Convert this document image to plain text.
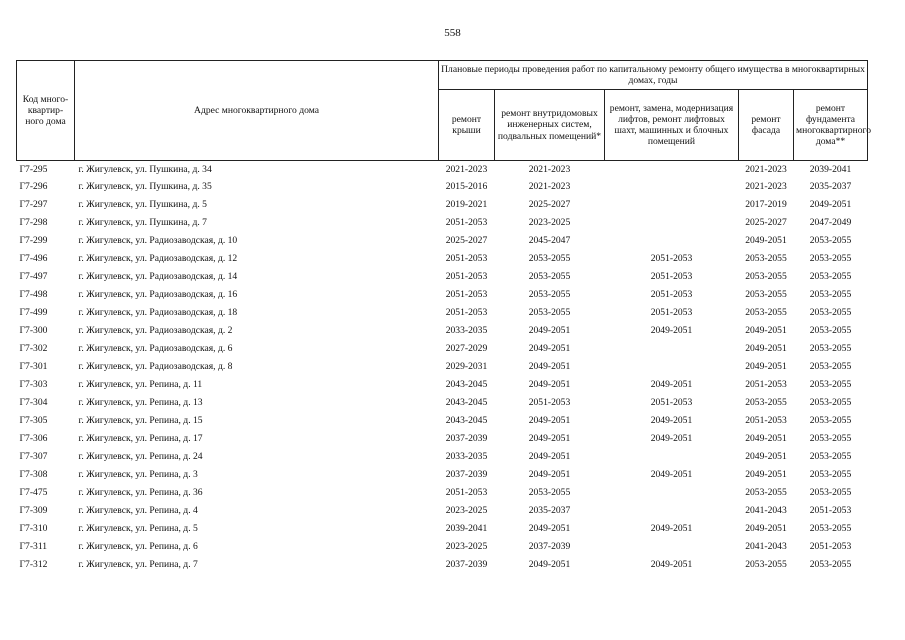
558
Код много-квартир-ного дома	Адрес многоквартирного дома	Плановые периоды проведения работ по капитальному ремонту общего имущества в многоквартирных домах, годы				
		ремонт крыши	ремонт внутридомовых инженерных систем, подвальных помещений*	ремонт, замена, модернизация лифтов, ремонт лифтовых шахт, машинных и блочных помещений	ремонт фасада	ремонт фундамента многоквартирного дома**
Г7-295	г. Жигулевск, ул. Пушкина, д. 34	2021-2023	2021-2023		2021-2023	2039-2041
Г7-296	г. Жигулевск, ул. Пушкина, д. 35	2015-2016	2021-2023		2021-2023	2035-2037
Г7-297	г. Жигулевск, ул. Пушкина, д. 5	2019-2021	2025-2027		2017-2019	2049-2051
Г7-298	г. Жигулевск, ул. Пушкина, д. 7	2051-2053	2023-2025		2025-2027	2047-2049
Г7-299	г. Жигулевск, ул. Радиозаводская, д. 10	2025-2027	2045-2047		2049-2051	2053-2055
Г7-496	г. Жигулевск, ул. Радиозаводская, д. 12	2051-2053	2053-2055	2051-2053	2053-2055	2053-2055
Г7-497	г. Жигулевск, ул. Радиозаводская, д. 14	2051-2053	2053-2055	2051-2053	2053-2055	2053-2055
Г7-498	г. Жигулевск, ул. Радиозаводская, д. 16	2051-2053	2053-2055	2051-2053	2053-2055	2053-2055
Г7-499	г. Жигулевск, ул. Радиозаводская, д. 18	2051-2053	2053-2055	2051-2053	2053-2055	2053-2055
Г7-300	г. Жигулевск, ул. Радиозаводская, д. 2	2033-2035	2049-2051	2049-2051	2049-2051	2053-2055
Г7-302	г. Жигулевск, ул. Радиозаводская, д. 6	2027-2029	2049-2051		2049-2051	2053-2055
Г7-301	г. Жигулевск, ул. Радиозаводская, д. 8	2029-2031	2049-2051		2049-2051	2053-2055
Г7-303	г. Жигулевск, ул. Репина, д. 11	2043-2045	2049-2051	2049-2051	2051-2053	2053-2055
Г7-304	г. Жигулевск, ул. Репина, д. 13	2043-2045	2051-2053	2051-2053	2053-2055	2053-2055
Г7-305	г. Жигулевск, ул. Репина, д. 15	2043-2045	2049-2051	2049-2051	2051-2053	2053-2055
Г7-306	г. Жигулевск, ул. Репина, д. 17	2037-2039	2049-2051	2049-2051	2049-2051	2053-2055
Г7-307	г. Жигулевск, ул. Репина, д. 24	2033-2035	2049-2051		2049-2051	2053-2055
Г7-308	г. Жигулевск, ул. Репина, д. 3	2037-2039	2049-2051	2049-2051	2049-2051	2053-2055
Г7-475	г. Жигулевск, ул. Репина, д. 36	2051-2053	2053-2055		2053-2055	2053-2055
Г7-309	г. Жигулевск, ул. Репина, д. 4	2023-2025	2035-2037		2041-2043	2051-2053
Г7-310	г. Жигулевск, ул. Репина, д. 5	2039-2041	2049-2051	2049-2051	2049-2051	2053-2055
Г7-311	г. Жигулевск, ул. Репина, д. 6	2023-2025	2037-2039		2041-2043	2051-2053
Г7-312	г. Жигулевск, ул. Репина, д. 7	2037-2039	2049-2051	2049-2051	2053-2055	2053-2055
